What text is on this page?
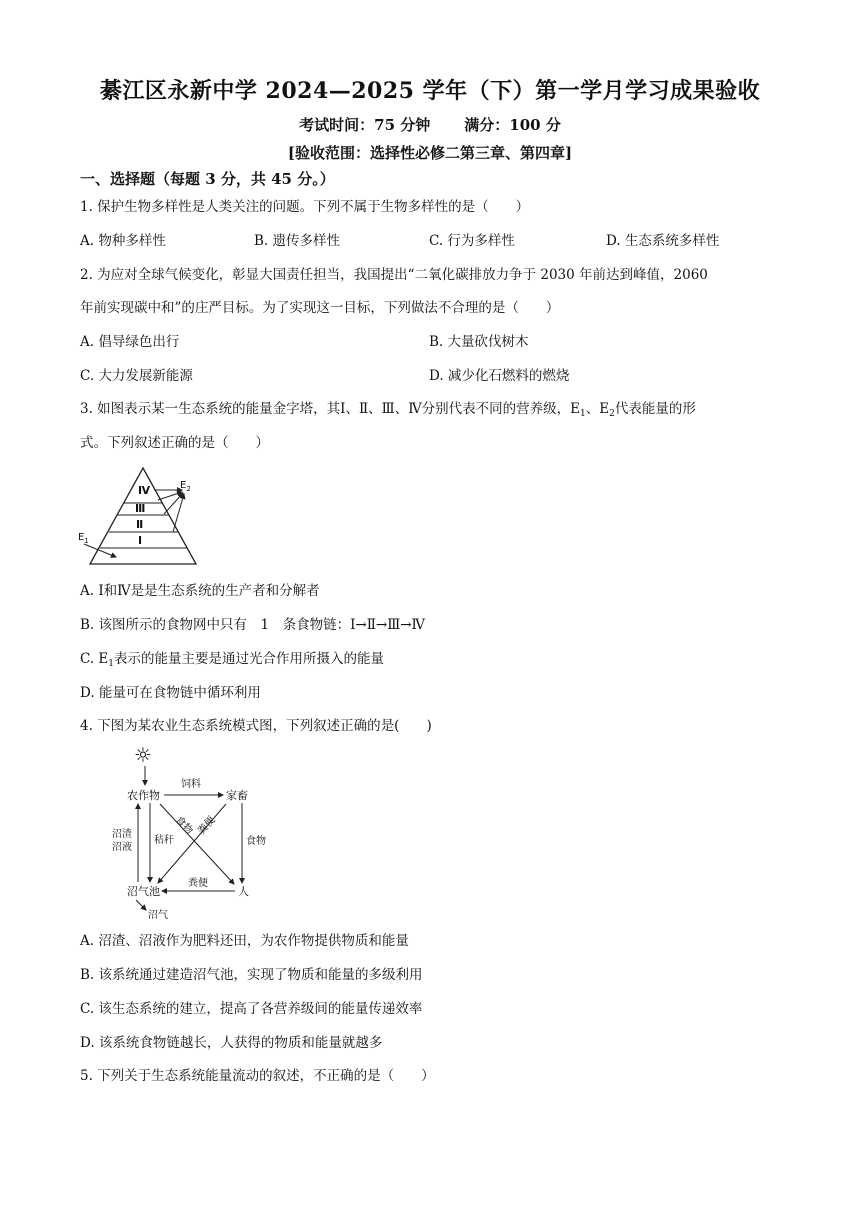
綦江区永新中学 2024—2025 学年（下）第一学月学习成果验收
考试时间：75 分钟 满分：100 分
[验收范围：选择性必修二第三章、第四章]
一、选择题（每题 3 分，共 45 分。）
1. 保护生物多样性是人类关注的问题。下列不属于生物多样性的是（　　）
A. 物种多样性	B. 遗传多样性	C. 行为多样性	D. 生态系统多样性
2. 为应对全球气候变化，彰显大国责任担当，我国提出“二氧化碳排放力争于 2030 年前达到峰值，2060
年前实现碳中和”的庄严目标。为了实现这一目标，下列做法不合理的是（　　）
A. 倡导绿色出行	B. 大量砍伐树木
C. 大力发展新能源	D. 减少化石燃料的燃烧
3. 如图表示某一生态系统的能量金字塔，其Ⅰ、Ⅱ、Ⅲ、Ⅳ分别代表不同的营养级，$E_1$、$E_2$代表能量的形
式。下列叙述正确的是（　　）
Ⅳ
Ⅲ
Ⅱ
Ⅰ
$E_2$
$E_1$
A. Ⅰ和Ⅳ是是生态系统的生产者和分解者
B. 该图所示的食物网中只有　1　条食物链：Ⅰ→Ⅱ→Ⅲ→Ⅳ
C. $E_1$表示的能量主要是通过光合作用所摄入的能量
D. 能量可在食物链中循环利用
4. 下图为某农业生态系统模式图，下列叙述正确的是(　　)
☼
农作物	家畜
沼气池	人
饲料
食物
粪便
秸秆
沼渣
沼液
食物 粪便
沼气
A. 沼渣、沼液作为肥料还田，为农作物提供物质和能量
B. 该系统通过建造沼气池，实现了物质和能量的多级利用
C. 该生态系统的建立，提高了各营养级间的能量传递效率
D. 该系统食物链越长，人获得的物质和能量就越多
5. 下列关于生态系统能量流动的叙述，不正确的是（　　）
